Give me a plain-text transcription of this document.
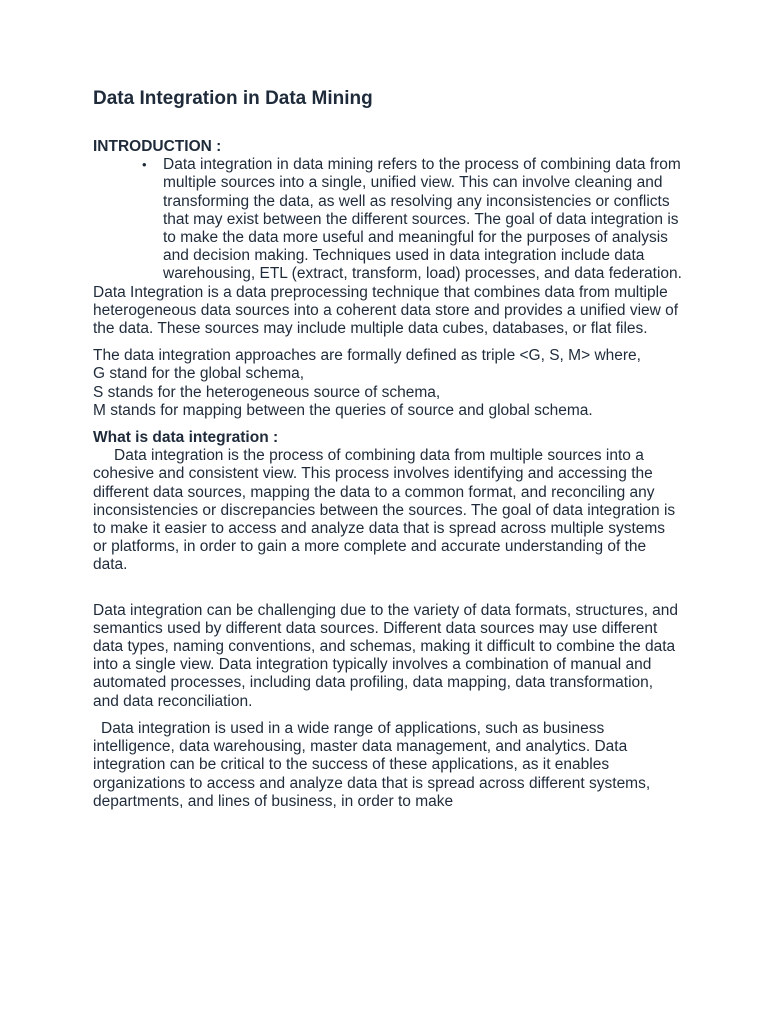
Data Integration in Data Mining
INTRODUCTION :
• Data integration in data mining refers to the process of combining data from multiple sources into a single, unified view. This can involve cleaning and transforming the data, as well as resolving any inconsistencies or conflicts that may exist between the different sources. The goal of data integration is to make the data more useful and meaningful for the purposes of analysis and decision making. Techniques used in data integration include data warehousing, ETL (extract, transform, load) processes, and data federation.

Data Integration is a data preprocessing technique that combines data from multiple heterogeneous data sources into a coherent data store and provides a unified view of the data. These sources may include multiple data cubes, databases, or flat files.

The data integration approaches are formally defined as triple <G, S, M> where,
G stand for the global schema,
S stands for the heterogeneous source of schema,
M stands for mapping between the queries of source and global schema.

What is data integration :

Data integration is the process of combining data from multiple sources into a cohesive and consistent view. This process involves identifying and accessing the different data sources, mapping the data to a common format, and reconciling any inconsistencies or discrepancies between the sources. The goal of data integration is to make it easier to access and analyze data that is spread across multiple systems or platforms, in order to gain a more complete and accurate understanding of the data.

Data integration can be challenging due to the variety of data formats, structures, and semantics used by different data sources. Different data sources may use different data types, naming conventions, and schemas, making it difficult to combine the data into a single view. Data integration typically involves a combination of manual and automated processes, including data profiling, data mapping, data transformation, and data reconciliation.

Data integration is used in a wide range of applications, such as business intelligence, data warehousing, master data management, and analytics. Data integration can be critical to the success of these applications, as it enables organizations to access and analyze data that is spread across different systems, departments, and lines of business, in order to make
